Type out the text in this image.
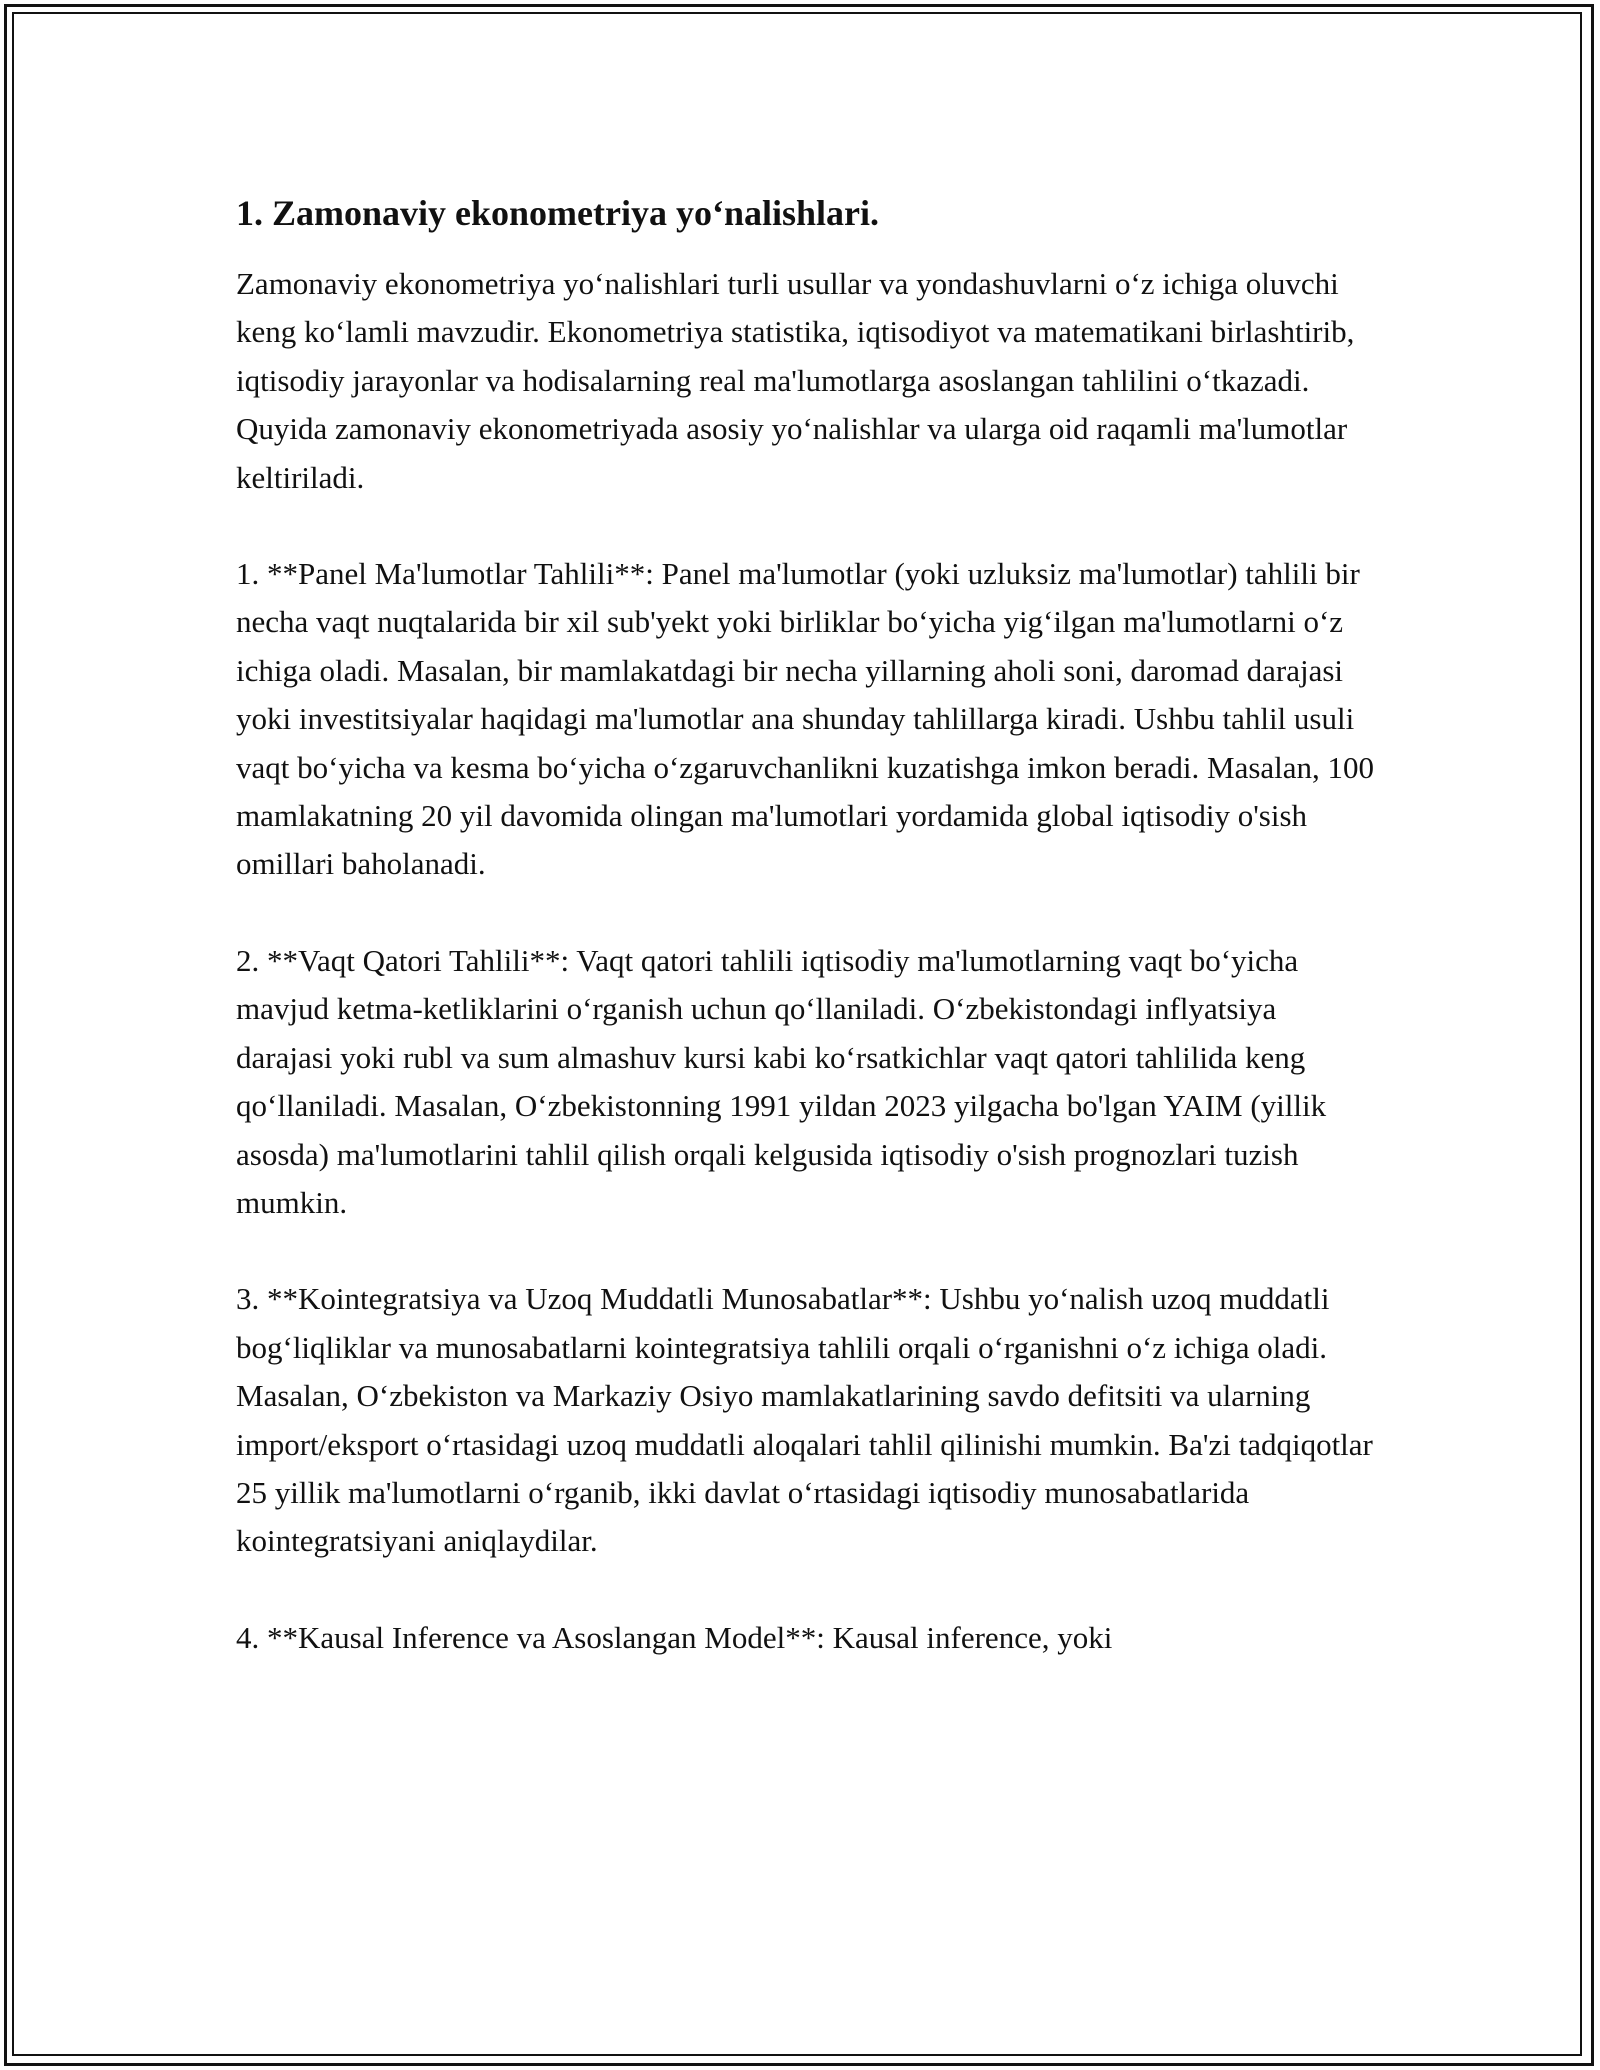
1. Zamonaviy ekonometriya yo‘nalishlari.

Zamonaviy ekonometriya yo‘nalishlari turli usullar va yondashuvlarni o‘z ichiga oluvchi keng ko‘lamli mavzudir. Ekonometriya statistika, iqtisodiyot va matematikani birlashtirib, iqtisodiy jarayonlar va hodisalarning real ma'lumotlarga asoslangan tahlilini o‘tkazadi. Quyida zamonaviy ekonometriyada asosiy yo‘nalishlar va ularga oid raqamli ma'lumotlar keltiriladi.

1. **Panel Ma'lumotlar Tahlili**: Panel ma'lumotlar (yoki uzluksiz ma'lumotlar) tahlili bir necha vaqt nuqtalarida bir xil sub'yekt yoki birliklar bo‘yicha yig‘ilgan ma'lumotlarni o‘z ichiga oladi. Masalan, bir mamlakatdagi bir necha yillarning aholi soni, daromad darajasi yoki investitsiyalar haqidagi ma'lumotlar ana shunday tahlillarga kiradi. Ushbu tahlil usuli vaqt bo‘yicha va kesma bo‘yicha o‘zgaruvchanlikni kuzatishga imkon beradi. Masalan, 100 mamlakatning 20 yil davomida olingan ma'lumotlari yordamida global iqtisodiy o'sish omillari baholanadi.

2. **Vaqt Qatori Tahlili**: Vaqt qatori tahlili iqtisodiy ma'lumotlarning vaqt bo‘yicha mavjud ketma-ketliklarini o‘rganish uchun qo‘llaniladi. O‘zbekistondagi inflyatsiya darajasi yoki rubl va sum almashuv kursi kabi ko‘rsatkichlar vaqt qatori tahlilida keng qo‘llaniladi. Masalan, O‘zbekistonning 1991 yildan 2023 yilgacha bo'lgan YAIM (yillik asosda) ma'lumotlarini tahlil qilish orqali kelgusida iqtisodiy o'sish prognozlari tuzish mumkin.

3. **Kointegratsiya va Uzoq Muddatli Munosabatlar**: Ushbu yo‘nalish uzoq muddatli bog‘liqliklar va munosabatlarni kointegratsiya tahlili orqali o‘rganishni o‘z ichiga oladi. Masalan, O‘zbekiston va Markaziy Osiyo mamlakatlarining savdo defitsiti va ularning import/eksport o‘rtasidagi uzoq muddatli aloqalari tahlil qilinishi mumkin. Ba'zi tadqiqotlar 25 yillik ma'lumotlarni o‘rganib, ikki davlat o‘rtasidagi iqtisodiy munosabatlarida kointegratsiyani aniqlaydilar.

4. **Kausal Inference va Asoslangan Model**: Kausal inference, yoki
